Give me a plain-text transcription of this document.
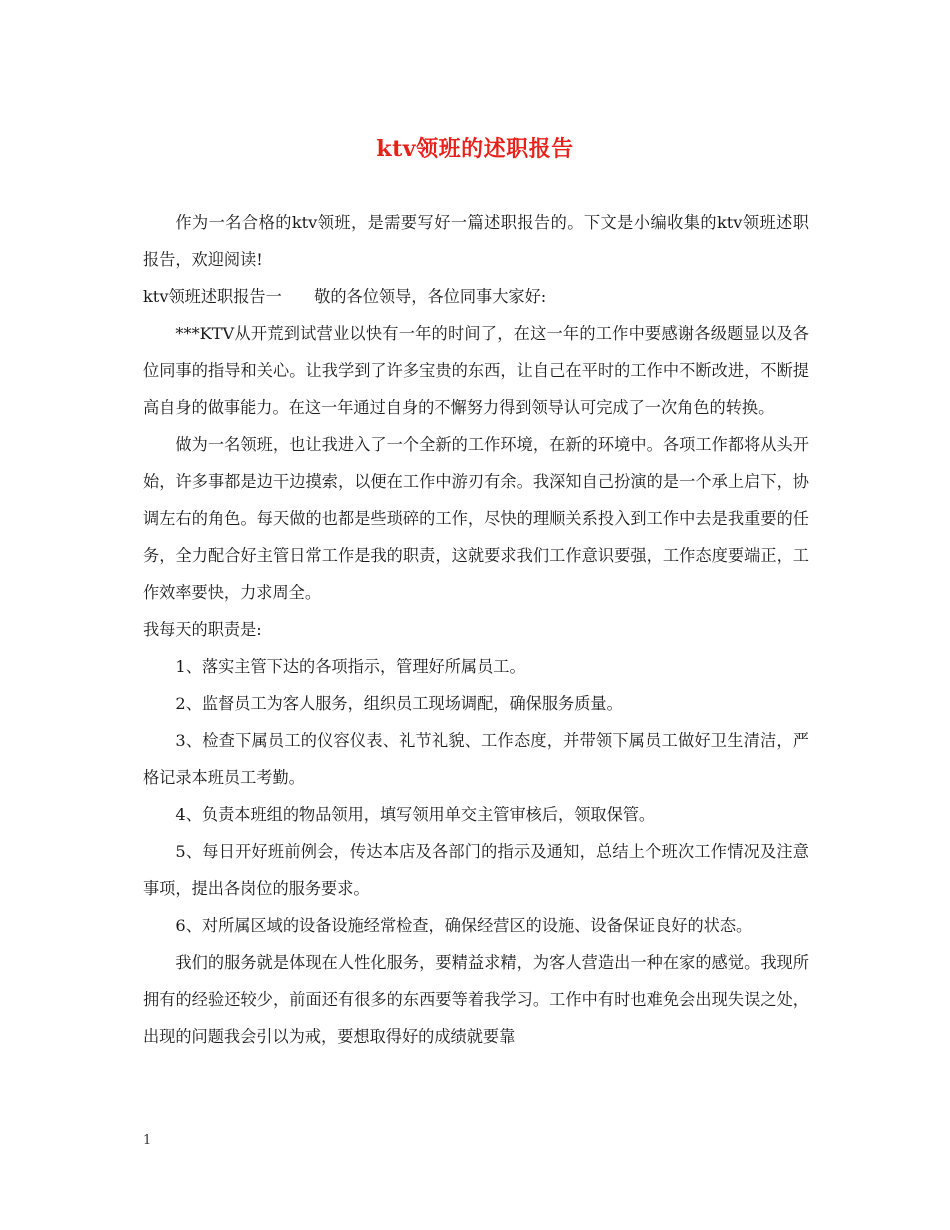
ktv领班的述职报告

作为一名合格的ktv领班，是需要写好一篇述职报告的。下文是小编收集的ktv领班述职报告，欢迎阅读!

ktv领班述职报告一　　敬的各位领导，各位同事大家好:

***KTV从开荒到试营业以快有一年的时间了，在这一年的工作中要感谢各级题显以及各位同事的指导和关心。让我学到了许多宝贵的东西，让自己在平时的工作中不断改进，不断提高自身的做事能力。在这一年通过自身的不懈努力得到领导认可完成了一次角色的转换。

做为一名领班，也让我进入了一个全新的工作环境，在新的环境中。各项工作都将从头开始，许多事都是边干边摸索，以便在工作中游刃有余。我深知自己扮演的是一个承上启下，协调左右的角色。每天做的也都是些琐碎的工作，尽快的理顺关系投入到工作中去是我重要的任务，全力配合好主管日常工作是我的职责，这就要求我们工作意识要强，工作态度要端正，工作效率要快，力求周全。

我每天的职责是:

1、落实主管下达的各项指示，管理好所属员工。

2、监督员工为客人服务，组织员工现场调配，确保服务质量。

3、检查下属员工的仪容仪表、礼节礼貌、工作态度，并带领下属员工做好卫生清洁，严格记录本班员工考勤。

4、负责本班组的物品领用，填写领用单交主管审核后，领取保管。

5、每日开好班前例会，传达本店及各部门的指示及通知，总结上个班次工作情况及注意事项，提出各岗位的服务要求。

6、对所属区域的设备设施经常检查，确保经营区的设施、设备保证良好的状态。

我们的服务就是体现在人性化服务，要精益求精，为客人营造出一种在家的感觉。我现所拥有的经验还较少，前面还有很多的东西要等着我学习。工作中有时也难免会出现失误之处，出现的问题我会引以为戒，要想取得好的成绩就要靠

1
